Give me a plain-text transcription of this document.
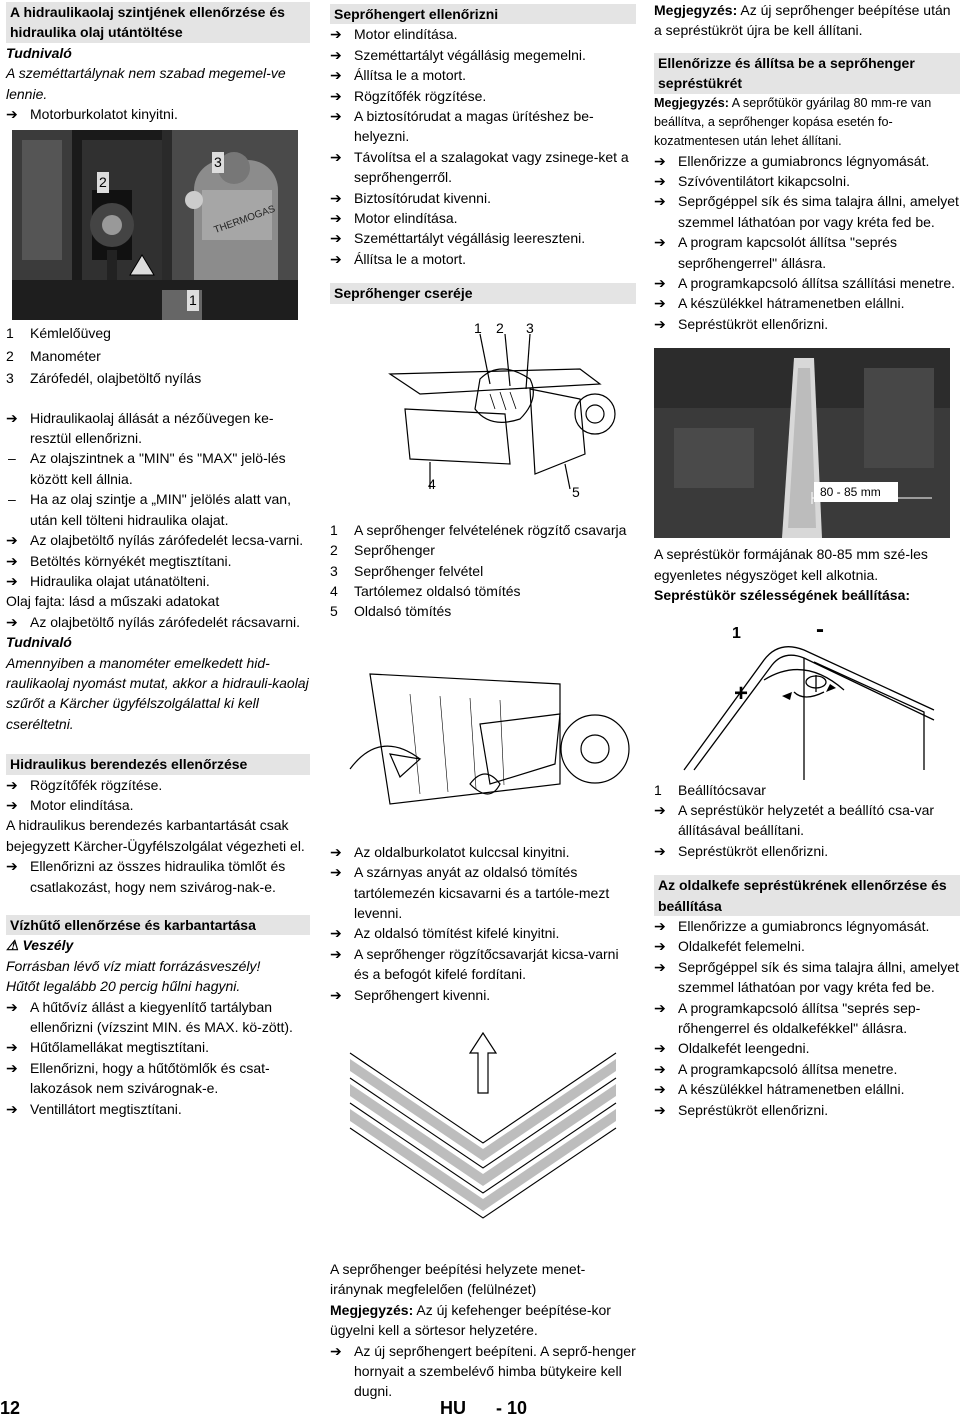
A hidraulikaolaj szintjének ellenőrzése és hidraulika olaj utántöltése
Tudnivaló
A szeméttartálynak nem szabad megemel-ve lennie.
➔ Motorburkolatot kinyitni.
THERMOGAS
2
3
1
1	Kémlelőüveg
2	Manométer
3	Zárófedél, olajbetöltő nyílás
➔ Hidraulikaolaj állását a nézőüvegen ke-resztül ellenőrizni.
–	Az olajszintnek a "MIN" és "MAX" jelö-lés között kell állnia.
–	Ha az olaj szintje a „MIN" jelölés alatt van, után kell tölteni hidraulika olajat.
➔ Az olajbetöltő nyílás zárófedelét lecsa-varni.
➔ Betöltés környékét megtisztítani.
➔ Hidraulika olajat utánatölteni.
Olaj fajta: lásd a műszaki adatokat
➔ Az olajbetöltő nyílás zárófedelét rácsavarni.
Tudnivaló
Amennyiben a manométer emelkedett hid-raulikaolaj nyomást mutat, akkor a hidrauli-kaolaj szűrőt a Kärcher ügyfélszolgálattal ki kell cseréltetni.
Hidraulikus berendezés ellenőrzése
➔ Rögzítőfék rögzítése.
➔ Motor elindítása.
A hidraulikus berendezés karbantartását csak bejegyzett Kärcher-Ügyfélszolgálat végezheti el.
➔ Ellenőrizni az összes hidraulika tömlőt és csatlakozást, hogy nem szivárog-nak-e.
Vízhűtő ellenőrzése és karbantartása
⚠ Veszély
Forrásban lévő víz miatt forrázásveszély!
Hűtőt legalább 20 percig hűlni hagyni.
➔ A hűtővíz állást a kiegyenlítő tartályban ellenőrizni (vízszint MIN. és MAX. kö-zött).
➔ Hűtőlamellákat megtisztítani.
➔ Ellenőrizni, hogy a hűtőtömlők és csat-lakozások nem szivárognak-e.
➔ Ventillátort megtisztítani.
Seprőhengert ellenőrizni
➔ Motor elindítása.
➔ Szeméttartályt végállásig megemelni.
➔ Állítsa le a motort.
➔ Rögzítőfék rögzítése.
➔ A biztosítórudat a magas ürítéshez be-helyezni.
➔ Távolítsa el a szalagokat vagy zsinege-ket a seprőhengerről.
➔ Biztosítórudat kivenni.
➔ Motor elindítása.
➔ Szeméttartályt végállásig leereszteni.
➔ Állítsa le a motort.
Seprőhenger cseréje
1 2 3
4	5
1	A seprőhenger felvételének rögzítő csavarja
2	Seprőhenger
3	Seprőhenger felvétel
4	Tartólemez oldalsó tömítés
5	Oldalsó tömítés
➔ Az oldalburkolatot kulccsal kinyitni.
➔ A szárnyas anyát az oldalsó tömítés tartólemezén kicsavarni és a tartóle-mezt levenni.
➔ Az oldalsó tömítést kifelé kinyitni.
➔ A seprőhenger rögzítőcsavarját kicsa-varni és a befogót kifelé fordítani.
➔ Seprőhengert kivenni.
A seprőhenger beépítési helyzete menet-iránynak megfelelően (felülnézet)
Megjegyzés: Az új kefehenger beépítése-kor ügyelni kell a sörtesor helyzetére.
➔ Az új seprőhengert beépíteni. A seprő-henger hornyait a szembelévő himba bütykeire kell dugni.
Megjegyzés: Az új seprőhenger beépítése után a sepréstükröt újra be kell állítani.
Ellenőrizze és állítsa be a seprőhenger sepréstükrét
Megjegyzés: A seprőtükör gyárilag 80 mm-re van beállítva, a seprőhenger kopása esetén fo-kozatmentesen után lehet állítani.
➔ Ellenőrizze a gumiabroncs légnyomását.
➔ Szívóventilátort kikapcsolni.
➔ Seprőgéppel sík és sima talajra állni, amelyet szemmel láthatóan por vagy kréta fed be.
➔ A program kapcsolót állítsa "seprés seprőhengerrel" állásra.
➔ A programkapcsoló állítsa szállítási menetre.
➔ A készülékkel hátramenetben elállni.
➔ Sepréstükröt ellenőrizni.
80 - 85 mm
A sepréstükör formájának 80-85 mm szé-les egyenletes négyszöget kell alkotnia.
Sepréstükör szélességének beállítása:
1	-
+
1	Beállítócsavar
➔ A sepréstükör helyzetét a beállító csa-var állításával beállítani.
➔ Sepréstükröt ellenőrizni.
Az oldalkefe sepréstükrének ellenőrzése és beállítása
➔ Ellenőrizze a gumiabroncs légnyomását.
➔ Oldalkefét felemelni.
➔ Seprőgéppel sík és sima talajra állni, amelyet szemmel láthatóan por vagy kréta fed be.
➔ A programkapcsoló állítsa "seprés sep-rőhengerrel és oldalkefékkel" állásra.
➔ Oldalkefét leengedni.
➔ A programkapcsoló állítsa menetre.
➔ A készülékkel hátramenetben elállni.
➔ Sepréstükröt ellenőrizni.
12	HU - 10
